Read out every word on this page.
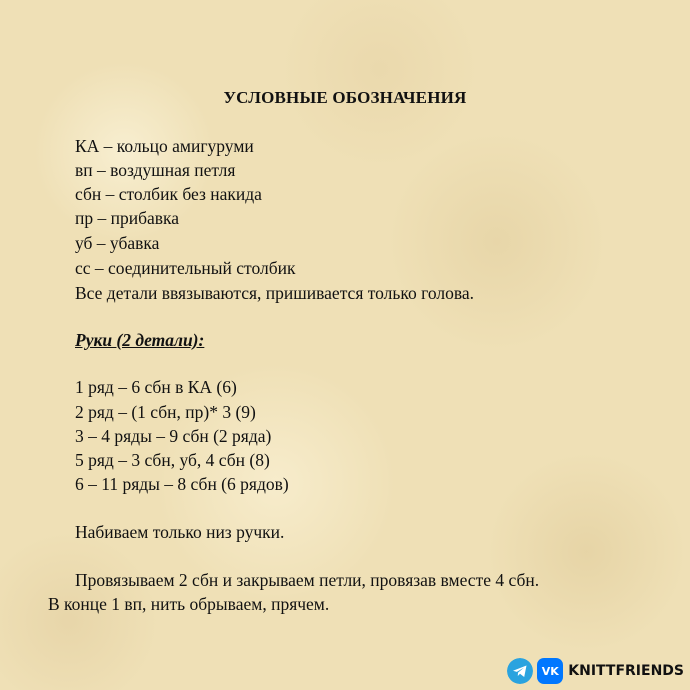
УСЛОВНЫЕ ОБОЗНАЧЕНИЯ
КА – кольцо амигуруми
вп – воздушная петля
сбн – столбик без накида
пр – прибавка
уб – убавка
сс – соединительный столбик
Все детали ввязываются, пришивается только голова.
Руки (2 детали):
1 ряд – 6 сбн в КА (6)
2 ряд – (1 сбн, пр)* 3 (9)
3 – 4 ряды – 9 сбн (2 ряда)
5 ряд – 3 сбн, уб, 4 сбн (8)
6 – 11 ряды – 8 сбн (6 рядов)
Набиваем только низ ручки.
Провязываем 2 сбн и закрываем петли, провязав вместе 4 сбн.
В конце 1 вп, нить обрываем, прячем.
VK KNITTFRIENDS
